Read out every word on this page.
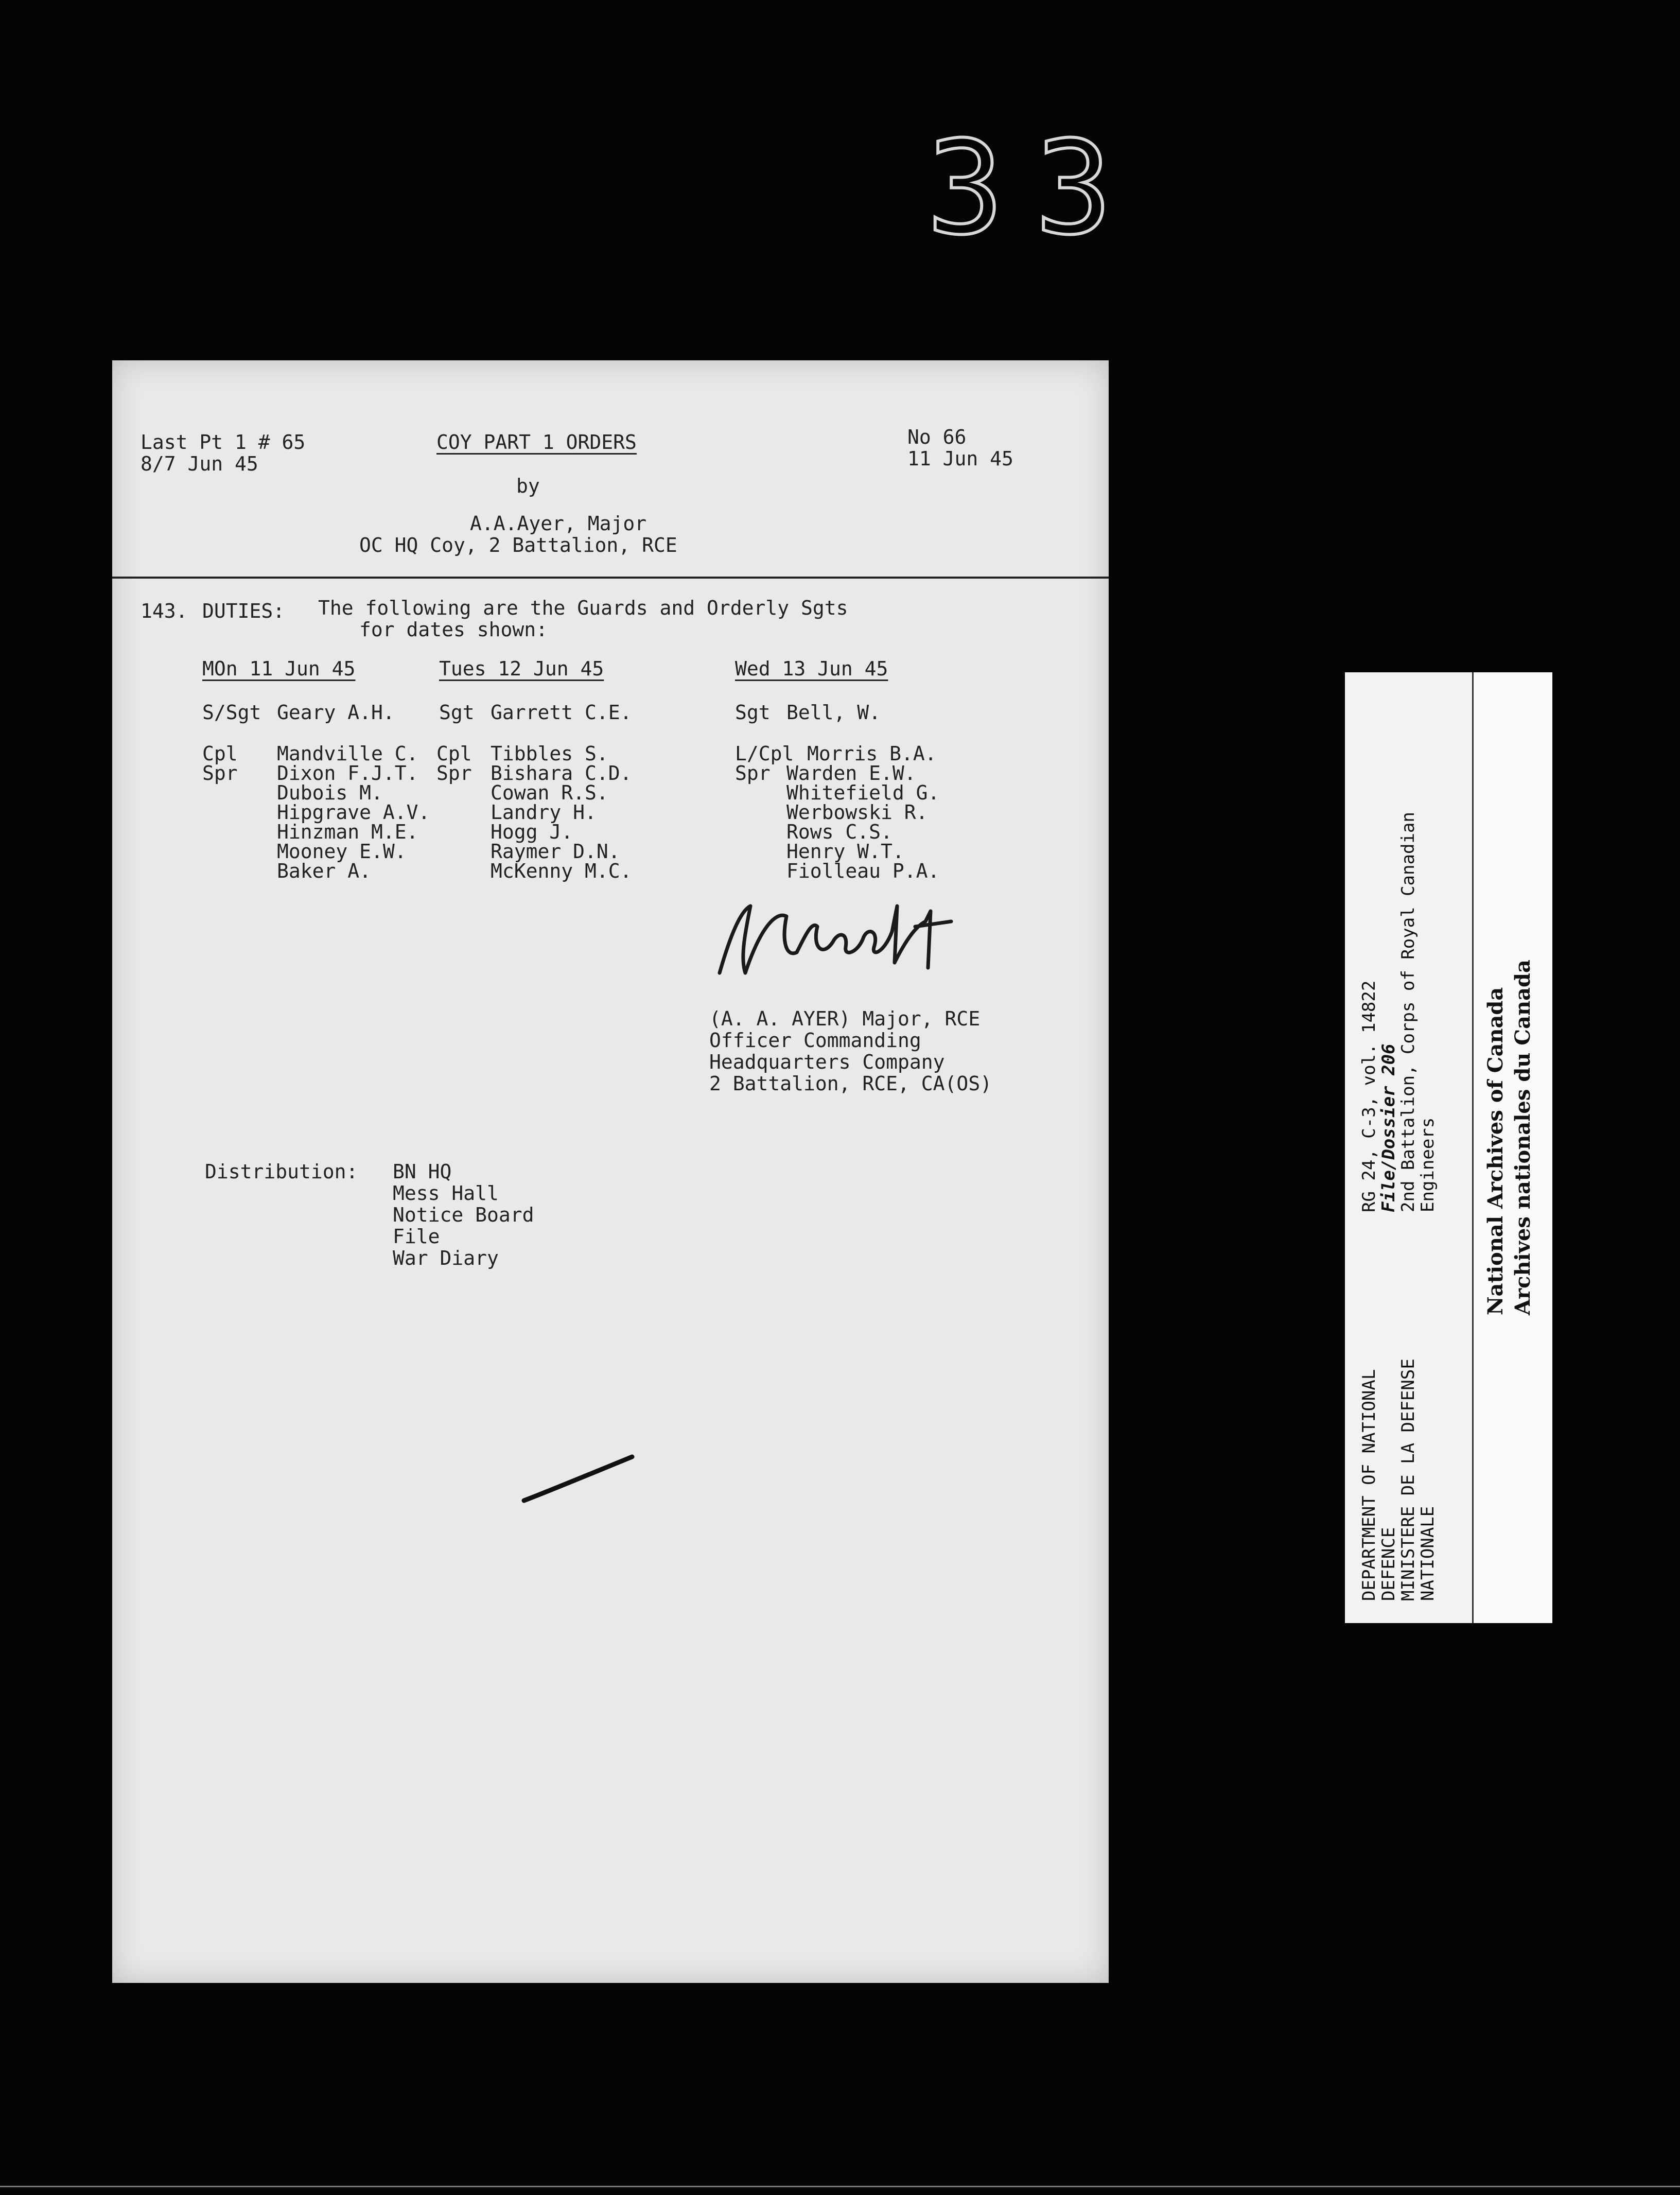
33
Last Pt 1 # 65
8/7 Jun 45
COY PART 1 ORDERS
by
A.A.Ayer, Major
OC HQ Coy, 2 Battalion, RCE
No 66
11 Jun 45
143. DUTIES: The following are the Guards and Orderly Sgts
for dates shown:
MOn 11 Jun 45
S/Sgt Geary A.H.
Cpl
Spr
Mandville C.
Dixon F.J.T.
Dubois M.
Hipgrave A.V.
Hinzman M.E.
Mooney E.W.
Baker A.
Tues 12 Jun 45
Sgt Garrett C.E.
Cpl
Spr
Tibbles S.
Bishara C.D.
Cowan R.S.
Landry H.
Hogg J.
Raymer D.N.
McKenny M.C.
Wed 13 Jun 45
Sgt Bell, W.
L/Cpl
Spr
Morris B.A.
Warden E.W.
Whitefield G.
Werbowski R.
Rows C.S.
Henry W.T.
Fiolleau P.A.
(A. A. AYER) Major, RCE
Officer Commanding
Headquarters Company
2 Battalion, RCE, CA(OS)
Distribution: BN HQ
Mess Hall
Notice Board
File
War Diary
DEPARTMENT OF NATIONAL
DEFENCE
MINISTERE DE LA DEFENSE
NATIONALE
RG 24, C-3, vol. 14822
File/Dossier 206
2nd Battalion, Corps of Royal Canadian
Engineers National Archives of Canada Archives nationales du Canada
